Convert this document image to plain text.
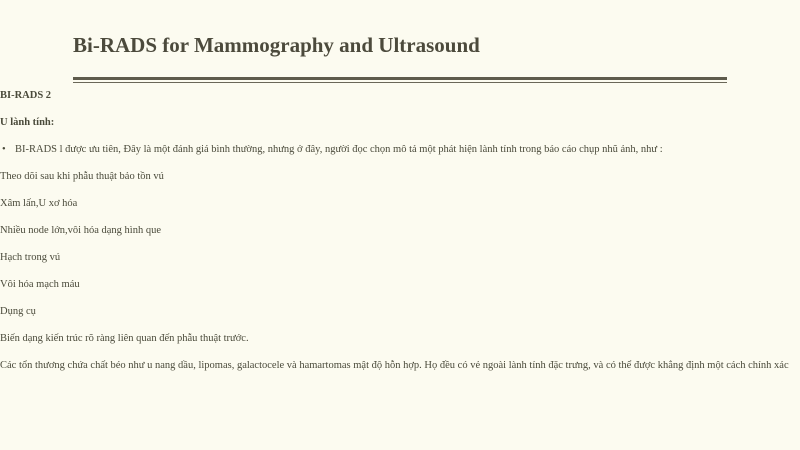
Bi-RADS for Mammography and Ultrasound

BI-RADS 2

U lành tính:

• BI-RADS l được ưu tiên, Đây là một đánh giá bình thường, nhưng ở đây, người đọc chọn mô tả một phát hiện lành tính trong báo cáo chụp nhũ ảnh, như :

Theo dõi sau khi phẫu thuật bảo tồn vú

Xâm lấn,U xơ hóa

Nhiều node lớn,vôi hóa dạng hình que

Hạch trong vú

Vôi hóa mạch máu

Dụng cụ

Biến dạng kiến trúc rõ ràng liên quan đến phẫu thuật trước.

Các tổn thương chứa chất béo như u nang dầu, lipomas, galactocele và hamartomas mật độ hỗn hợp. Họ đều có vẻ ngoài lành tính đặc trưng, và có thể được khẳng định một cách chính xác
